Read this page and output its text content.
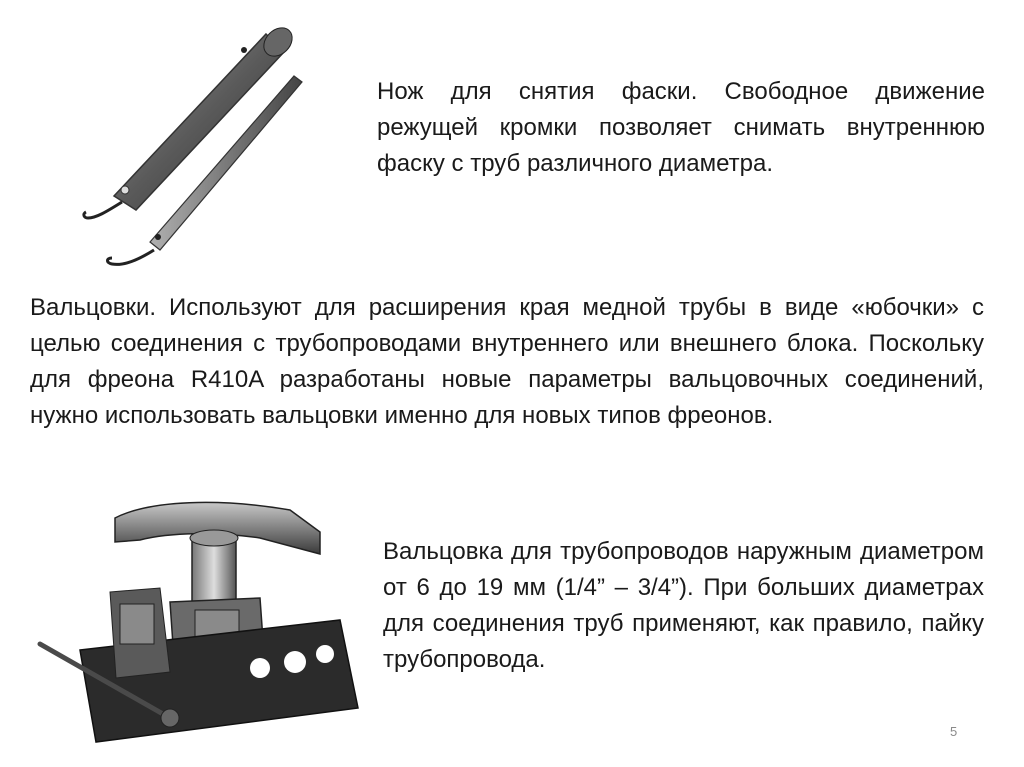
Нож для снятия фаски. Свободное движение режущей кромки позволяет снимать внутреннюю фаску с труб различного диаметра.

Вальцовки. Используют для расширения края медной трубы в виде «юбочки» с целью соединения с трубопроводами внутреннего или внешнего блока. Поскольку для фреона R410A разработаны новые параметры вальцовочных соединений, нужно использовать вальцовки именно для новых типов фреонов.

Вальцовка для трубопроводов наружным диаметром от 6 до 19 мм (1/4” – 3/4”). При больших диаметрах для соединения труб применяют, как правило, пайку трубопровода.

5
